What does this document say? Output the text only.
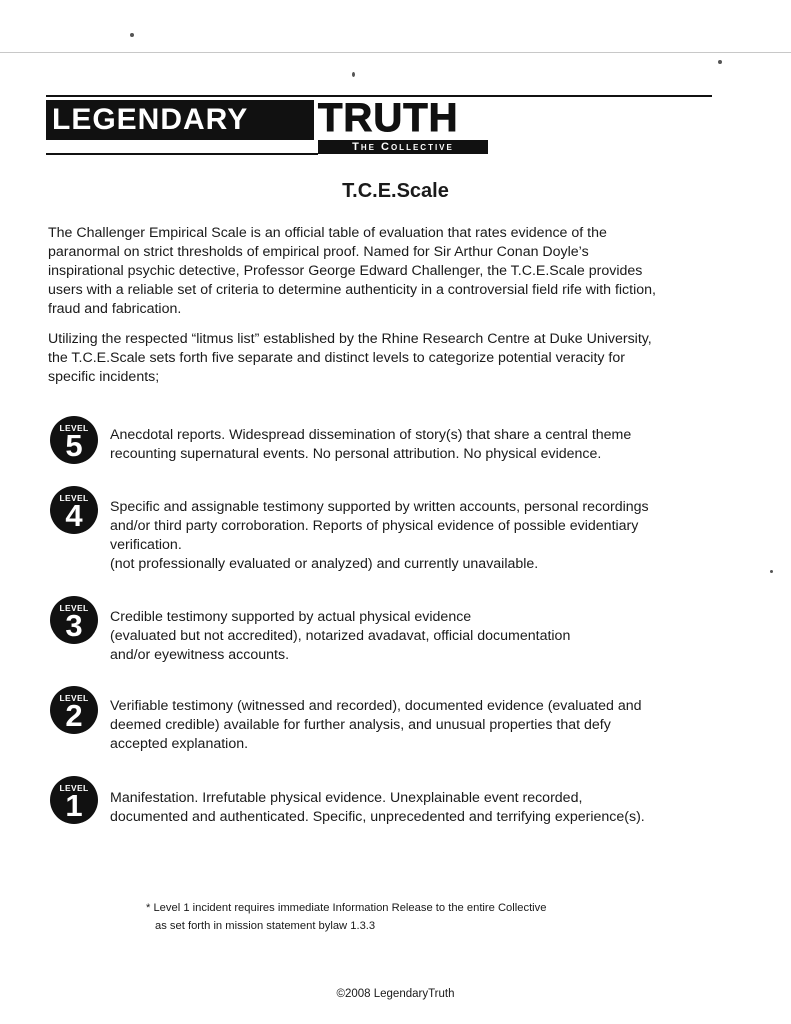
LEGENDARY	TRUTH
The Collective
T.C.E.Scale
The Challenger Empirical Scale is an official table of evaluation that rates evidence of the
paranormal on strict thresholds of empirical proof. Named for Sir Arthur Conan Doyle’s
inspirational psychic detective, Professor George Edward Challenger, the T.C.E.Scale provides
users with a reliable set of criteria to determine authenticity in a controversial field rife with fiction,
fraud and fabrication.
Utilizing the respected “litmus list” established by the Rhine Research Centre at Duke University,
the T.C.E.Scale sets forth five separate and distinct levels to categorize potential veracity for
specific incidents;
LEVEL
5	Anecdotal reports. Widespread dissemination of story(s) that share a central theme
recounting supernatural events. No personal attribution. No physical evidence.
LEVEL
4	Specific and assignable testimony supported by written accounts, personal recordings
and/or third party corroboration. Reports of physical evidence of possible evidentiary
verification.
(not professionally evaluated or analyzed) and currently unavailable.
LEVEL
3	Credible testimony supported by actual physical evidence
(evaluated but not accredited), notarized avadavat, official documentation
and/or eyewitness accounts.
LEVEL
2	Verifiable testimony (witnessed and recorded), documented evidence (evaluated and
deemed credible) available for further analysis, and unusual properties that defy
accepted explanation.
LEVEL
1	Manifestation. Irrefutable physical evidence. Unexplainable event recorded,
documented and authenticated. Specific, unprecedented and terrifying experience(s).
* Level 1 incident requires immediate Information Release to the entire Collective
as set forth in mission statement bylaw 1.3.3
©2008 LegendaryTruth
